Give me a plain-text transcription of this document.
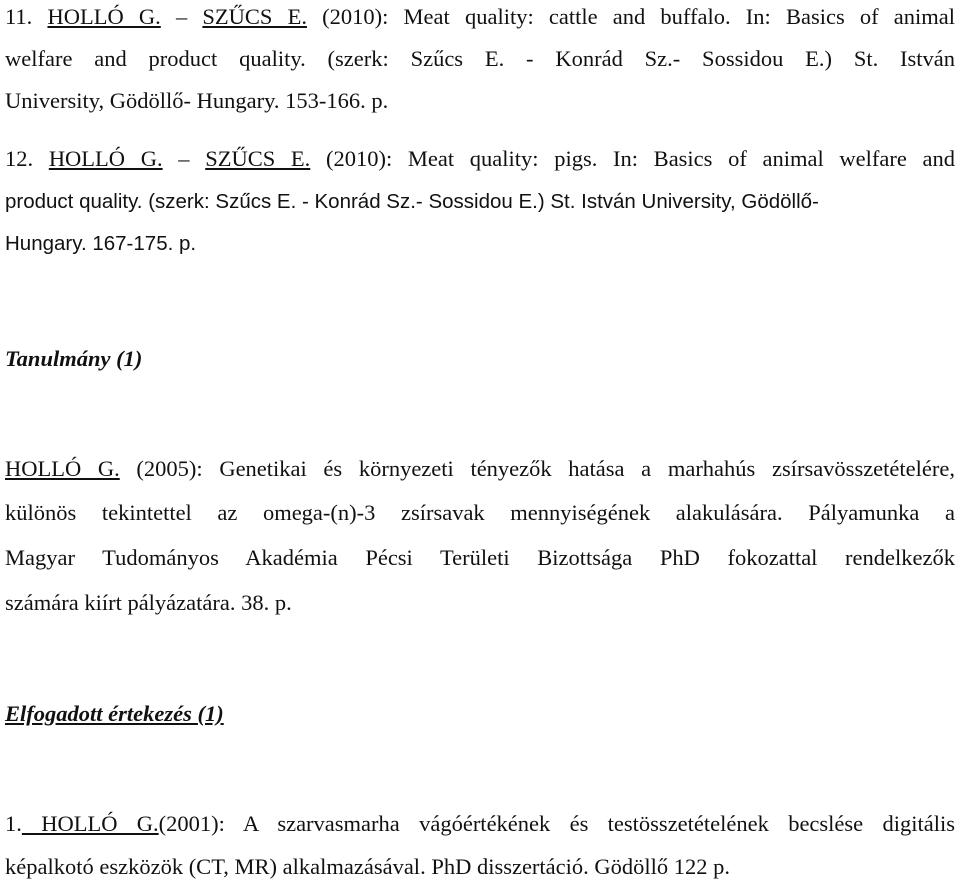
11. HOLLÓ G. – SZŰCS E. (2010): Meat quality: cattle and buffalo. In: Basics of animal
welfare and product quality. (szerk: Szűcs E. - Konrád Sz.- Sossidou E.) St. István
University, Gödöllő- Hungary. 153-166. p.
12. HOLLÓ G. – SZŰCS E. (2010): Meat quality: pigs. In: Basics of animal welfare and
product quality. (szerk: Szűcs E. - Konrád Sz.- Sossidou E.) St. István University, Gödöllő-
Hungary. 167-175. p.
Tanulmány (1)
HOLLÓ G. (2005): Genetikai és környezeti tényezők hatása a marhahús zsírsavösszetételére,
különös tekintettel az omega-(n)-3 zsírsavak mennyiségének alakulására. Pályamunka a
Magyar Tudományos Akadémia Pécsi Területi Bizottsága PhD fokozattal rendelkezők
számára kiírt pályázatára. 38. p.
Elfogadott értekezés (1)
1. HOLLÓ G.(2001): A szarvasmarha vágóértékének és testösszetételének becslése digitális
képalkotó eszközök (CT, MR) alkalmazásával. PhD disszertáció. Gödöllő 122 p.
